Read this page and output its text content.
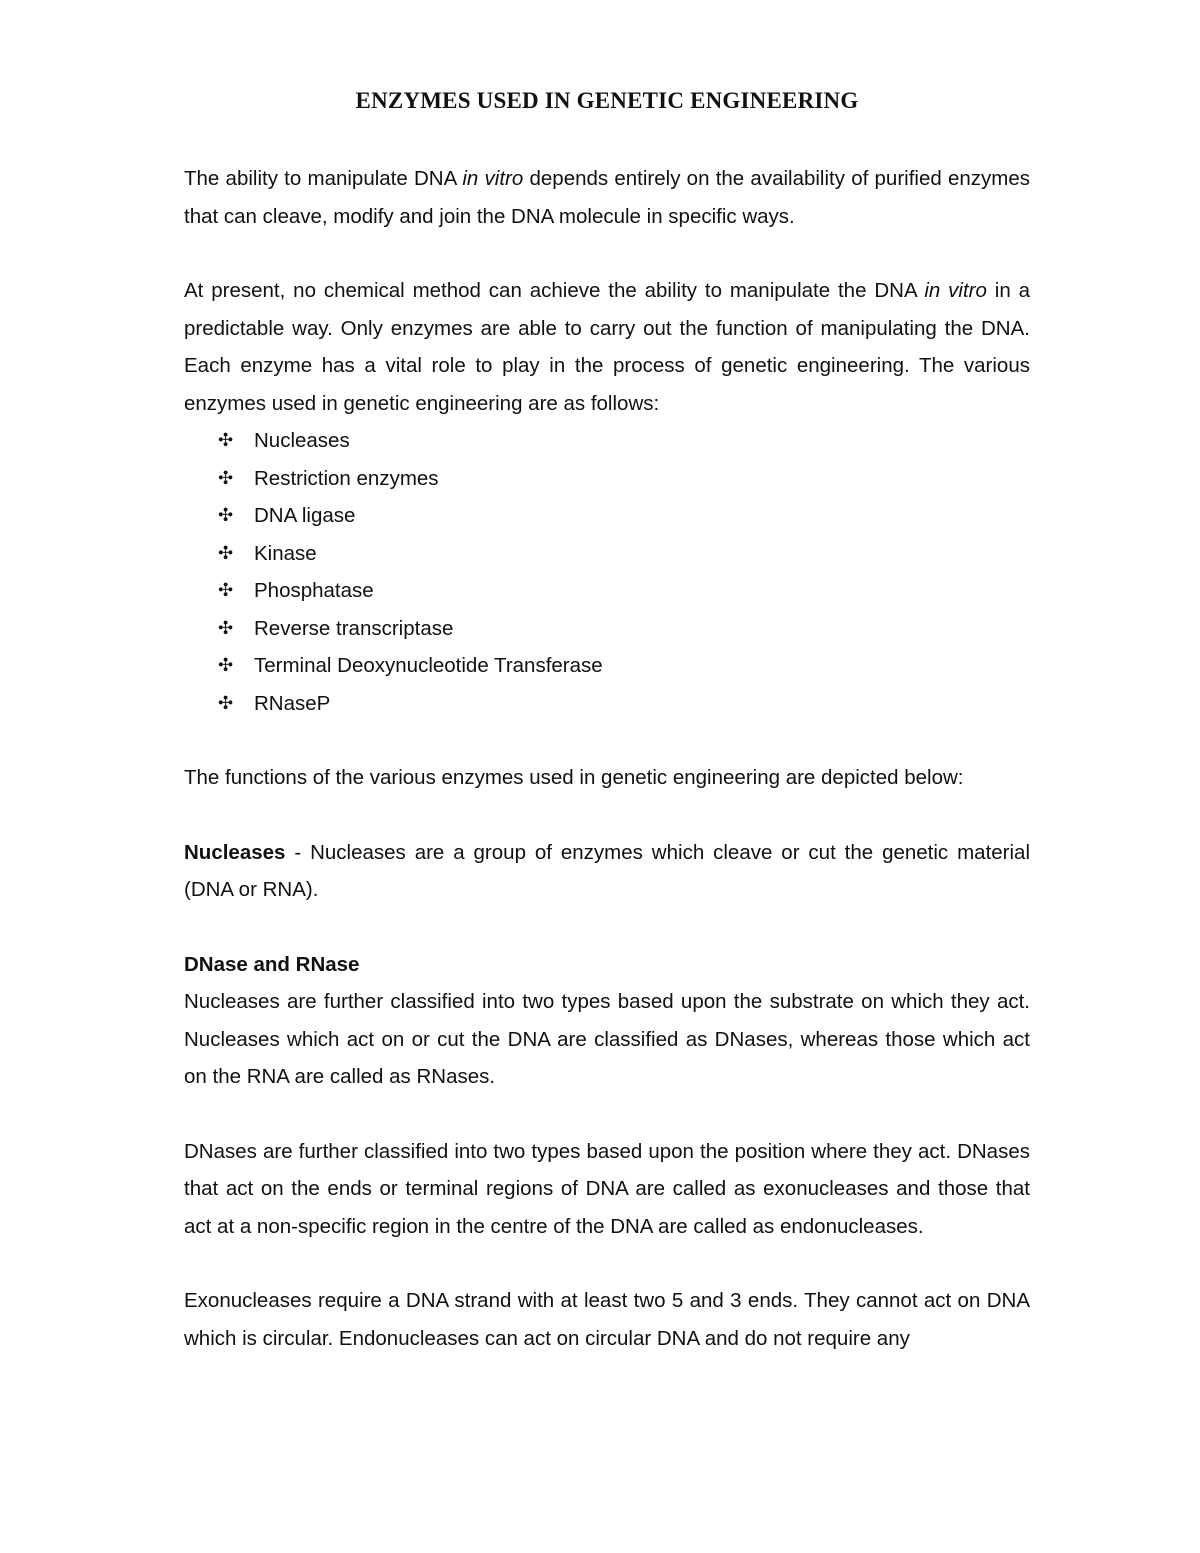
ENZYMES USED IN GENETIC ENGINEERING

The ability to manipulate DNA in vitro depends entirely on the availability of purified enzymes that can cleave, modify and join the DNA molecule in specific ways.

At present, no chemical method can achieve the ability to manipulate the DNA in vitro in a predictable way. Only enzymes are able to carry out the function of manipulating the DNA. Each enzyme has a vital role to play in the process of genetic engineering. The various enzymes used in genetic engineering are as follows:

✣	Nucleases
✣	Restriction enzymes
✣	DNA ligase
✣	Kinase
✣	Phosphatase
✣	Reverse transcriptase
✣	Terminal Deoxynucleotide Transferase
✣	RNaseP

The functions of the various enzymes used in genetic engineering are depicted below:

Nucleases - Nucleases are a group of enzymes which cleave or cut the genetic material (DNA or RNA).

DNase and RNase

Nucleases are further classified into two types based upon the substrate on which they act. Nucleases which act on or cut the DNA are classified as DNases, whereas those which act on the RNA are called as RNases.

DNases are further classified into two types based upon the position where they act. DNases that act on the ends or terminal regions of DNA are called as exonucleases and those that act at a non-specific region in the centre of the DNA are called as endonucleases.

Exonucleases require a DNA strand with at least two 5 and 3 ends. They cannot act on DNA which is circular. Endonucleases can act on circular DNA and do not require any
